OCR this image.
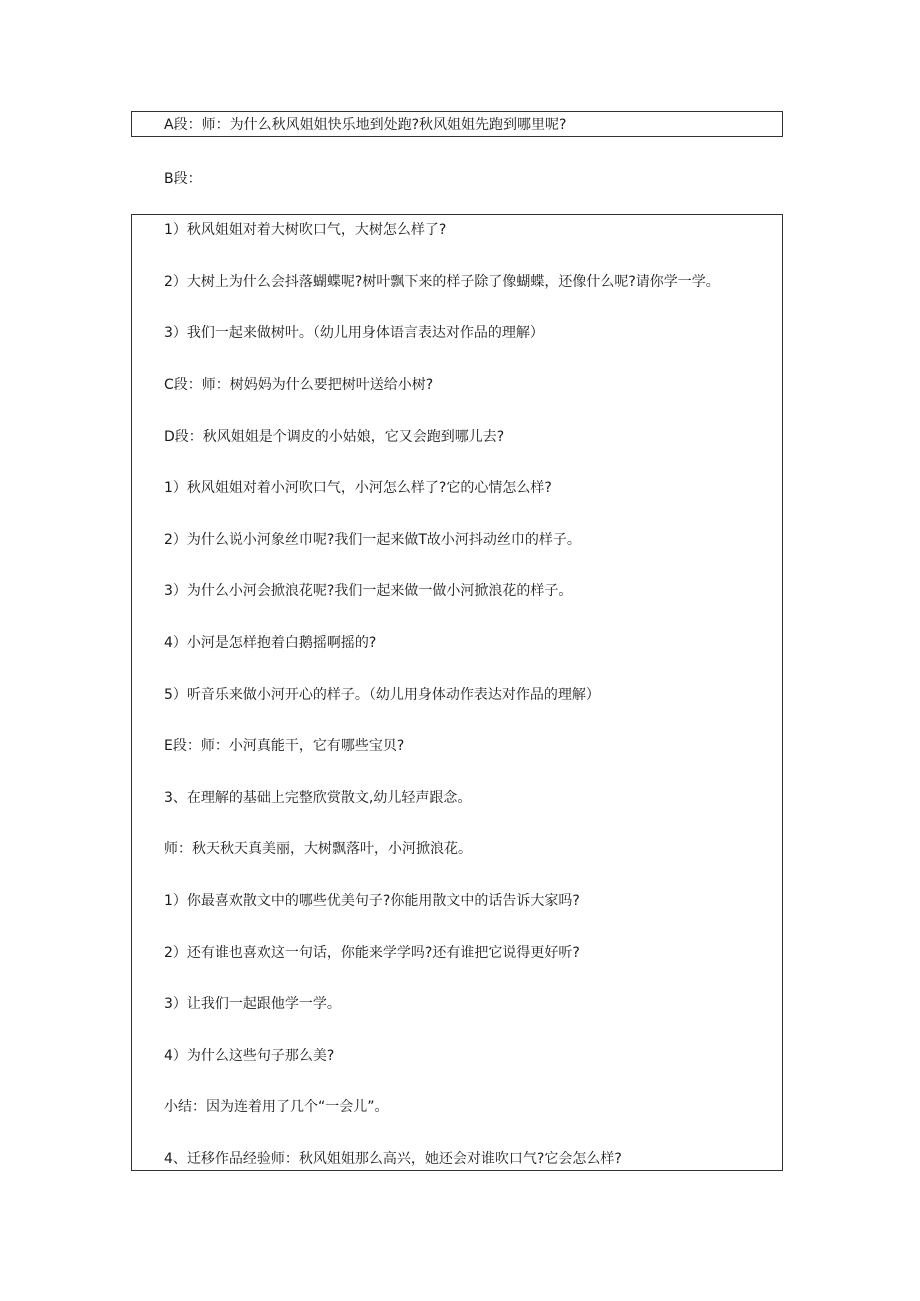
A段：师：为什么秋风姐姐快乐地到处跑?秋风姐姐先跑到哪里呢?
B段：
1）秋风姐姐对着大树吹口气，大树怎么样了?
2）大树上为什么会抖落蝴蝶呢?树叶飘下来的样子除了像蝴蝶，还像什么呢?请你学一学。
3）我们一起来做树叶。（幼儿用身体语言表达对作品的理解）
C段：师：树妈妈为什么要把树叶送给小树?
D段：秋风姐姐是个调皮的小姑娘，它又会跑到哪儿去?
1）秋风姐姐对着小河吹口气，小河怎么样了?它的心情怎么样?
2）为什么说小河象丝巾呢?我们一起来做T故小河抖动丝巾的样子。
3）为什么小河会掀浪花呢?我们一起来做一做小河掀浪花的样子。
4）小河是怎样抱着白鹅摇啊摇的?
5）听音乐来做小河开心的样子。（幼儿用身体动作表达对作品的理解）
E段：师：小河真能干，它有哪些宝贝?
3、在理解的基础上完整欣赏散文,幼儿轻声跟念。
师：秋天秋天真美丽，大树飘落叶，小河掀浪花。
1）你最喜欢散文中的哪些优美句子?你能用散文中的话告诉大家吗?
2）还有谁也喜欢这一句话，你能来学学吗?还有谁把它说得更好听?
3）让我们一起跟他学一学。
4）为什么这些句子那么美?
小结：因为连着用了几个“一会儿”。
4、迁移作品经验师：秋风姐姐那么高兴，她还会对谁吹口气?它会怎么样?
